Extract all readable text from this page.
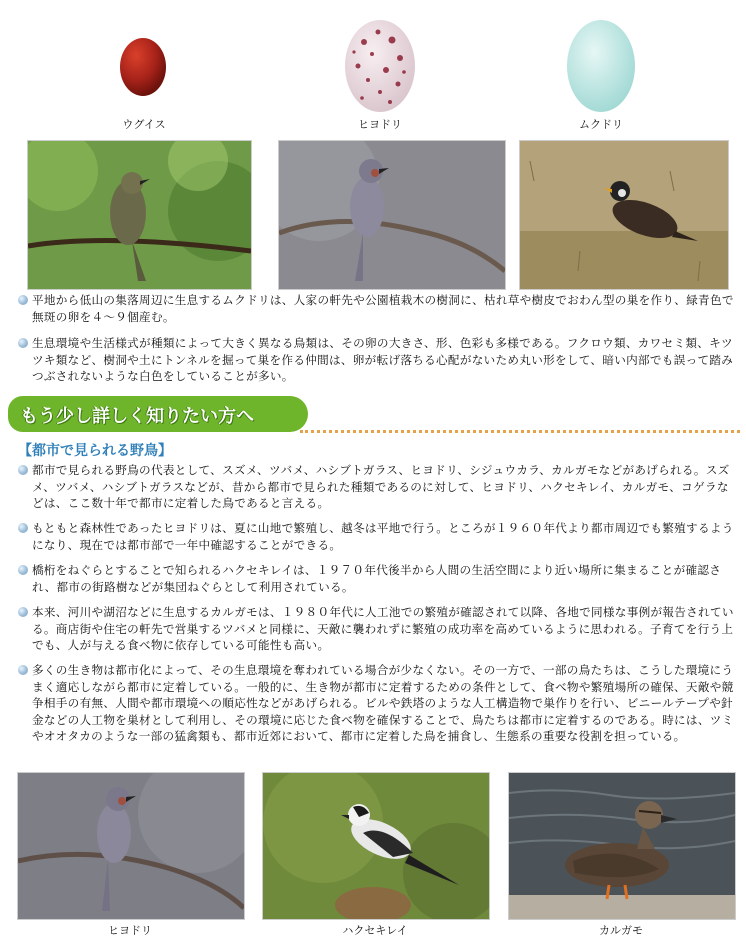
ウグイス	ヒヨドリ	ムクドリ
平地から低山の集落周辺に生息するムクドリは、人家の軒先や公園植栽木の樹洞に、枯れ草や樹皮でおわん型の巣を作り、緑青色で無斑の卵を４～９個産む。
生息環境や生活様式が種類によって大きく異なる鳥類は、その卵の大きさ、形、色彩も多様である。フクロウ類、カワセミ類、キツツキ類など、樹洞や土にトンネルを掘って巣を作る仲間は、卵が転げ落ちる心配がないため丸い形をして、暗い内部でも誤って踏みつぶされないような白色をしていることが多い。
もう少し詳しく知りたい方へ
【都市で見られる野鳥】
都市で見られる野鳥の代表として、スズメ、ツバメ、ハシブトガラス、ヒヨドリ、シジュウカラ、カルガモなどがあげられる。スズメ、ツバメ、ハシブトガラスなどが、昔から都市で見られた種類であるのに対して、ヒヨドリ、ハクセキレイ、カルガモ、コゲラなどは、ここ数十年で都市に定着した鳥であると言える。
もともと森林性であったヒヨドリは、夏に山地で繁殖し、越冬は平地で行う。ところが１９６０年代より都市周辺でも繁殖するようになり、現在では都市部で一年中確認することができる。
橋桁をねぐらとすることで知られるハクセキレイは、１９７０年代後半から人間の生活空間により近い場所に集まることが確認され、都市の街路樹などが集団ねぐらとして利用されている。
本来、河川や湖沼などに生息するカルガモは、１９８０年代に人工池での繁殖が確認されて以降、各地で同様な事例が報告されている。商店街や住宅の軒先で営巣するツバメと同様に、天敵に襲われずに繁殖の成功率を高めているように思われる。子育てを行う上でも、人が与える食べ物に依存している可能性も高い。
多くの生き物は都市化によって、その生息環境を奪われている場合が少なくない。その一方で、一部の鳥たちは、こうした環境にうまく適応しながら都市に定着している。一般的に、生き物が都市に定着するための条件として、食べ物や繁殖場所の確保、天敵や競争相手の有無、人間や都市環境への順応性などがあげられる。ビルや鉄塔のような人工構造物で巣作りを行い、ビニールテープや針金などの人工物を巣材として利用し、その環境に応じた食べ物を確保することで、鳥たちは都市に定着するのである。時には、ツミやオオタカのような一部の猛禽類も、都市近郊において、都市に定着した鳥を捕食し、生態系の重要な役割を担っている。
ヒヨドリ	ハクセキレイ	カルガモ
